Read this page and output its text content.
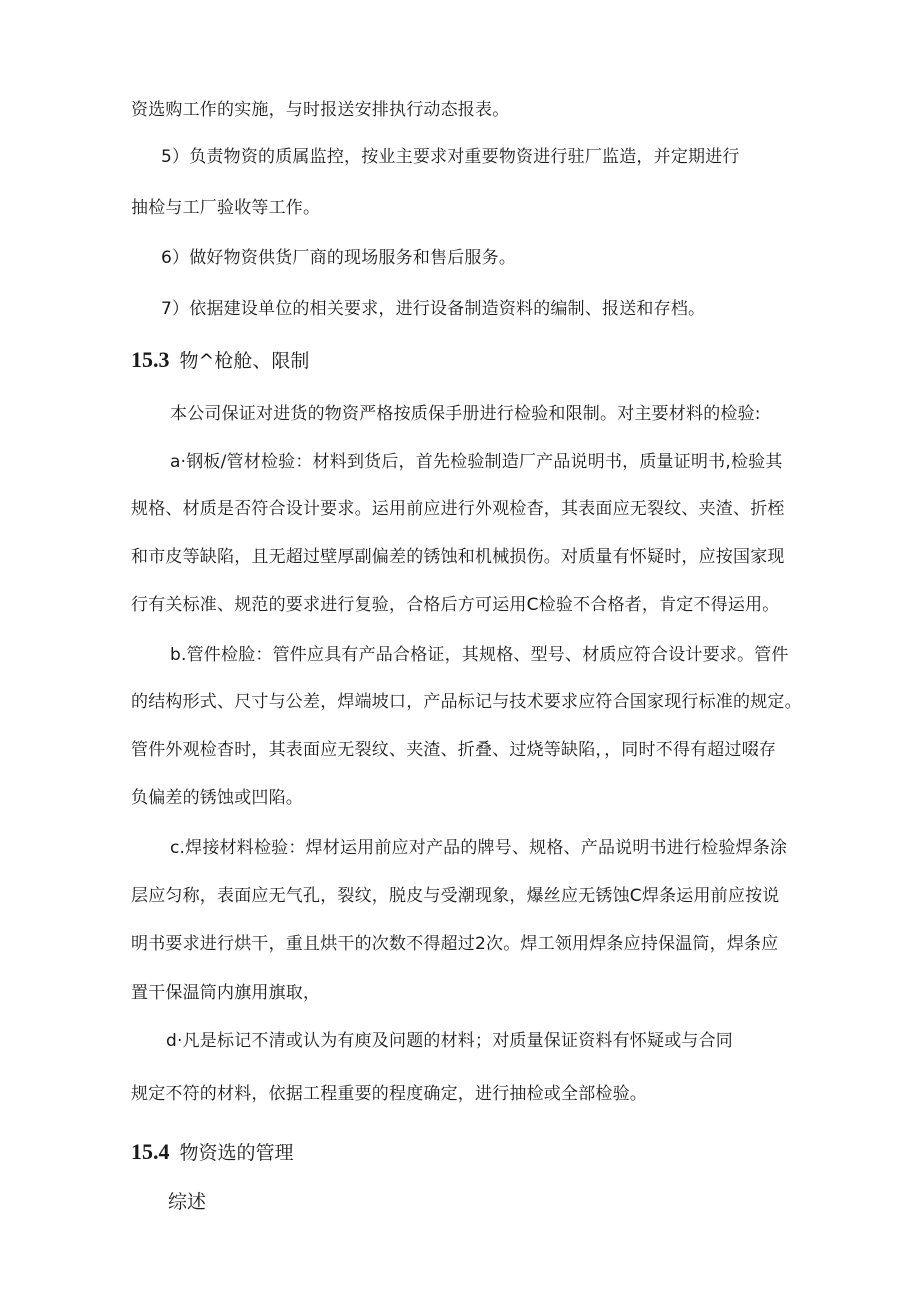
资选购工作的实施，与时报送安排执行动态报表。
5）负责物资的质属监控，按业主要求对重要物资进行驻厂监造，并定期进行
抽检与工厂验收等工作。
6）做好物资供货厂商的现场服务和售后服务。
7）依据建设单位的相关要求，进行设备制造资料的编制、报送和存档。
15.3 物^枪舱、限制
本公司保证对进货的物资严格按质保手册进行检验和限制。对主要材料的检验:
a·钢板/管材检验：材料到货后，首先检验制造厂产品说明书，质量证明书,检验其
规格、材质是否符合设计要求。运用前应进行外观检杳，其表面应无裂纹、夹渣、折桎
和市皮等缺陷，且无超过壁厚副偏差的锈蚀和机械损伤。对质量有怀疑时，应按国家现
行有关标准、规范的要求进行复验，合格后方可运用C检验不合格者，肯定不得运用。
b.管件检脸：管件应具有产品合格证，其规格、型号、材质应符合设计要求。管件
的结构形式、尺寸与公差，焊端坡口，产品标记与技术要求应符合国家现行标准的规定。
管件外观检杳时，其表面应无裂纹、夹渣、折叠、过烧等缺陷，，同时不得有超过啜存
负偏差的锈蚀或凹陷。
c.焊接材料检验：焊材运用前应对产品的牌号、规格、产品说明书进行检验焊条涂
层应匀称，表面应无气孔，裂纹，脱皮与受潮现象，爆丝应无锈蚀C焊条运用前应按说
明书要求进行烘干，重且烘干的次数不得超过2次。焊工领用焊条应持保温筒，焊条应
置干保温筒内旗用旗取，
d·凡是标记不清或认为有庾及问题的材料；对质量保证资料有怀疑或与合同
规定不符的材料，依据工程重要的程度确定，进行抽检或全部检验。
15.4 物资选的管理
综述
